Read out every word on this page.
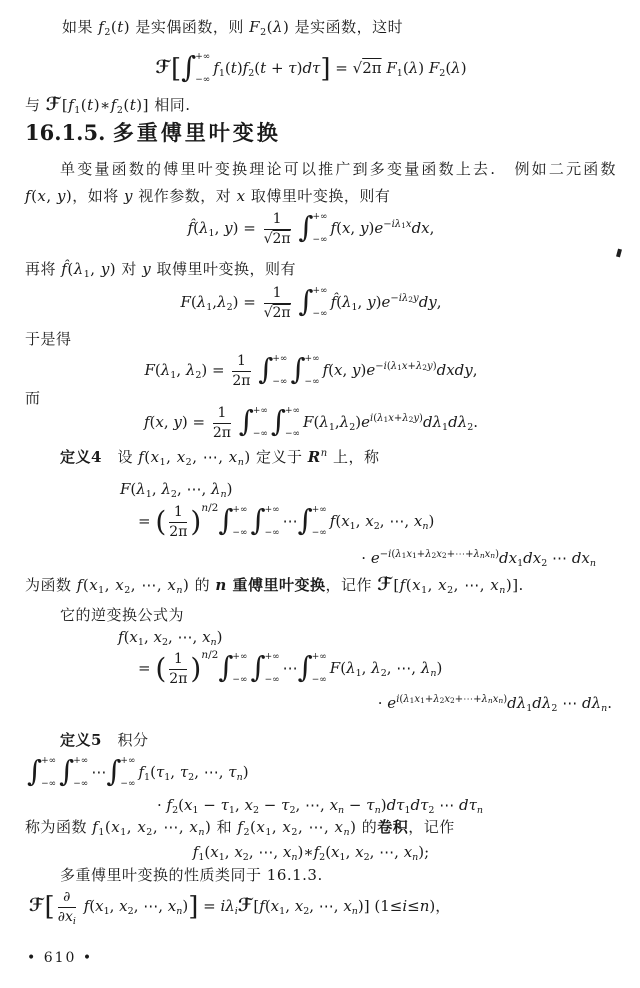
如果 $f_2(t)$ 是实偶函数，则 $F_2(\lambda)$ 是实函数，这时
ℱ[∫ +∞
−∞
$f_1(t)f_2(t + \tau)d\tau] = √2\pi$ $F_1(\lambda)$ $F_2(\lambda)$
与 $ℱ[f_1(t)∗f_2(t)]$ 相同.
16.1.5. 多重傅里叶变换
单变量函数的傅里叶变换理论可以推广到多变量函数上去.　例如二元函数
f(x, y)，如将 y 视作参数，对 x 取傅里叶变换，则有
$f̂(\lambda_1$, $y) = \frac{1}{√2\pi}$ ∫ +∞
−∞
f(x, $y)e^{-i\lambda_1x}dx$,
再将 $f̂(\lambda_1$, y) 对 y 取傅里叶变换，则有
$F(\lambda_1,\lambda_2) = \frac{1}{√2\pi}$ ∫ +∞
−∞
$f̂(\lambda_1$, $y)e^{-i\lambda_2y}dy$,
于是得
$F(\lambda_1$, $\lambda_2) = \frac{1}{2\pi}$ ∫ +∞
−∞ ∫ +∞
−∞
f(x, $y)e^{-i(\lambda_1x+\lambda_2y)}dxdy$,
而
f(x, $y) = \frac{1}{2\pi}$ ∫ +∞
−∞ ∫ +∞
−∞
$F(\lambda_1,\lambda_2)e^{i(\lambda_1x+\lambda_2y)}d\lambda_1d\lambda_2$.
定义4　设 $f(x_1$, $x_2$, ⋯, $x_n$) 定义于 $R^n$ 上，称
$F(\lambda_1$, $\lambda_2$, ⋯, $\lambda_n$)
= ( $\frac{1}{2\pi} )^{n/2}\int$ +∞
−∞ ∫ +∞
−∞
⋯∫ +∞
−∞
$f(x_1$, $x_2$, ⋯, $x_n$)
· $e^{-i(\lambda_1x_1+\lambda_2x_2+\cdots+\lambda_nx_n)}dx_1dx_2$ ⋯ $dx_n$
为函数 $f(x_1$, $x_2$, ⋯, $x_n$) 的 n 重傅里叶变换，记作 $ℱ[f(x_1$, $x_2$, ⋯, $x_n$)].
它的逆变换公式为
$f(x_1$, $x_2$, ⋯, $x_n$)
= ( $\frac{1}{2\pi} )^{n/2}\int$ +∞
−∞ ∫ +∞
−∞
⋯∫ +∞
−∞
$F(\lambda_1$, $\lambda_2$, ⋯, $\lambda_n$)
· $e^{i(\lambda_1x_1+\lambda_2x_2+\cdots+\lambda_nx_n)}d\lambda_1d\lambda_2$ ⋯ $d\lambda_n$.
定义5　积分
∫ +∞
−∞ ∫ +∞
−∞
⋯∫ +∞
−∞
$f_1(\tau_1$, $\tau_2$, ⋯, $\tau_n$)
· $f_2(x_1 - \tau_1$, $x_2 - \tau_2$, ⋯, $x_n - \tau_n)d\tau_1d\tau_2$ ⋯ $d\tau_n$
称为函数 $f_1(x_1$, $x_2$, ⋯, $x_n$) 和 $f_2(x_1$, $x_2$, ⋯, $x_n$) 的卷积，记作
$f_1(x_1$, $x_2$, ⋯, $x_n)∗f_2(x_1$, $x_2$, ⋯, $x_n$);
多重傅里叶变换的性质类同于 16.1.3.
ℱ[ $\frac{\partial}{\partial x_i} f(x_1$, $x_2$, ⋯, $x_n$)] = $i\lambda_iℱ[f(x_1$, $x_2$, ⋯, $x_n$)] (1≤i≤n)，
• 610 •
